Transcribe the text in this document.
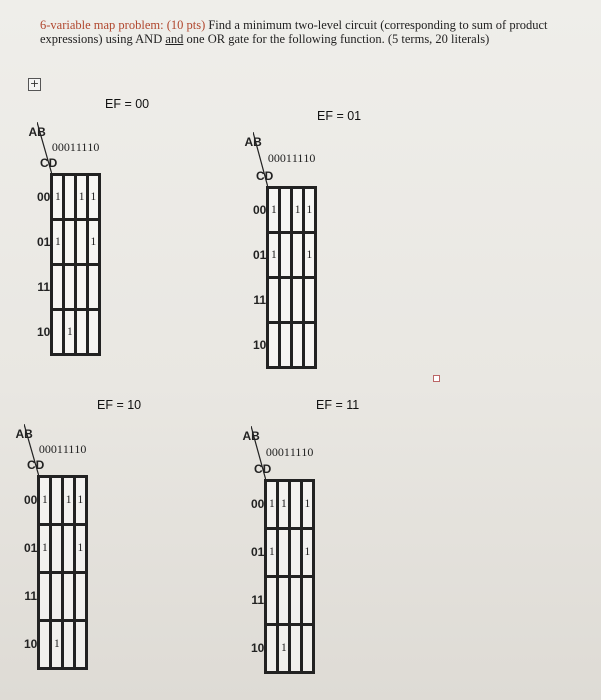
6-variable map problem: (10 pts) Find a minimum two-level circuit (corresponding to sum of product expressions) using AND and one OR gate for the following function. (5 terms, 20 literals)
+
EF = 00
AB
CD	00	01	11	10
00	1		1	1
01	1			1
11				
10		1		
EF = 01
AB
CD	00	01	11	10
00	1		1	1
01	1			1
11				
10				
EF = 10
AB
CD	00	01	11	10
00	1		1	1
01	1			1
11				
10		1		
EF = 11
AB
CD	00	01	11	10
00	1	1		1
01	1			1
11				
10		1		
